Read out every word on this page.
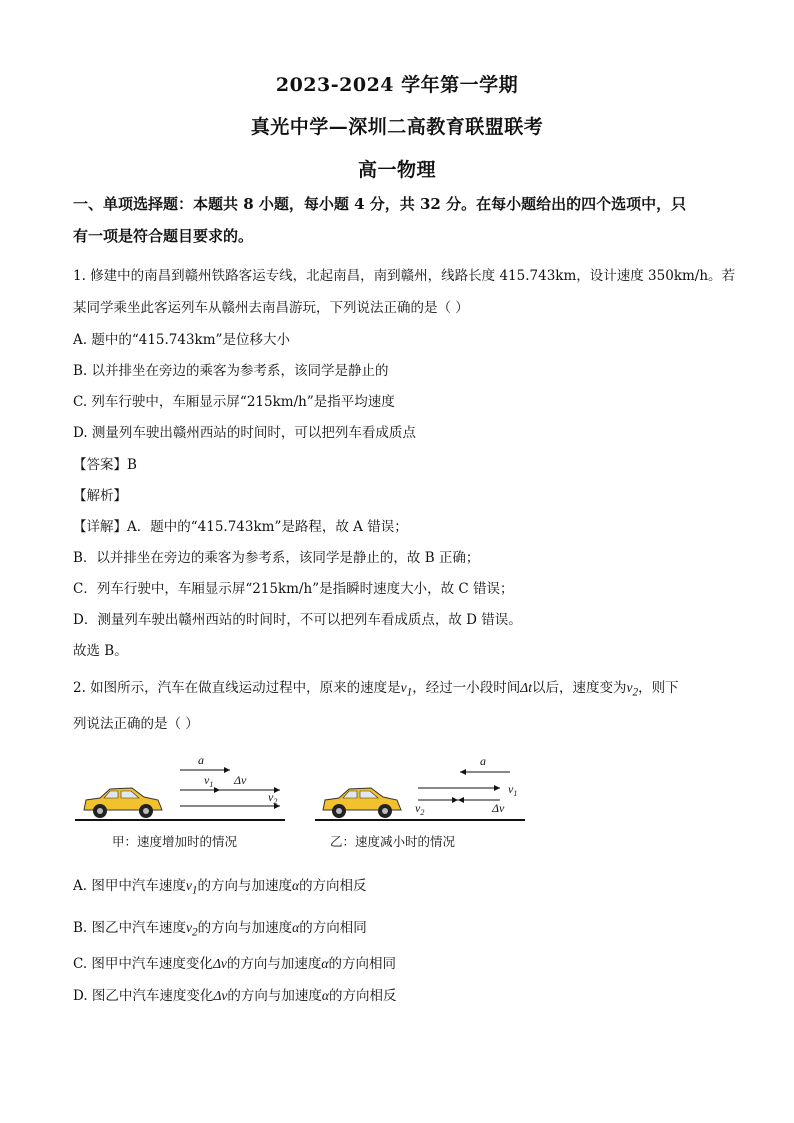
2023-2024 学年第一学期
真光中学—深圳二高教育联盟联考
高一物理
一、单项选择题：本题共 8 小题，每小题 4 分，共 32 分。在每小题给出的四个选项中，只
有一项是符合题目要求的。
1. 修建中的南昌到赣州铁路客运专线，北起南昌，南到赣州，线路长度 415.743km，设计速度 350km/h。若
某同学乘坐此客运列车从赣州去南昌游玩，下列说法正确的是（ ）
A. 题中的“415.743km”是位移大小
B. 以并排坐在旁边的乘客为参考系，该同学是静止的
C. 列车行驶中，车厢显示屏“215km/h”是指平均速度
D. 测量列车驶出赣州西站的时间时，可以把列车看成质点
【答案】B
【解析】
【详解】A．题中的“415.743km”是路程，故 A 错误；
B．以并排坐在旁边的乘客为参考系，该同学是静止的，故 B 正确；
C．列车行驶中，车厢显示屏“215km/h”是指瞬时速度大小，故 C 错误；
D．测量列车驶出赣州西站的时间时，不可以把列车看成质点，故 D 错误。
故选 B。
2. 如图所示，汽车在做直线运动过程中，原来的速度是$v_1$，经过一小段时间Δt以后，速度变为$v_2$，则下
列说法正确的是（ ）
a
$v_1$ Δv
$v_2$
甲：速度增加时的情况
a
$v_1$
$v_2$	Δv
乙：速度减小时的情况
A. 图甲中汽车速度$v_1$的方向与加速度α的方向相反
B. 图乙中汽车速度$v_2$的方向与加速度α的方向相同
C. 图甲中汽车速度变化Δv的方向与加速度α的方向相同
D. 图乙中汽车速度变化Δv的方向与加速度α的方向相反
